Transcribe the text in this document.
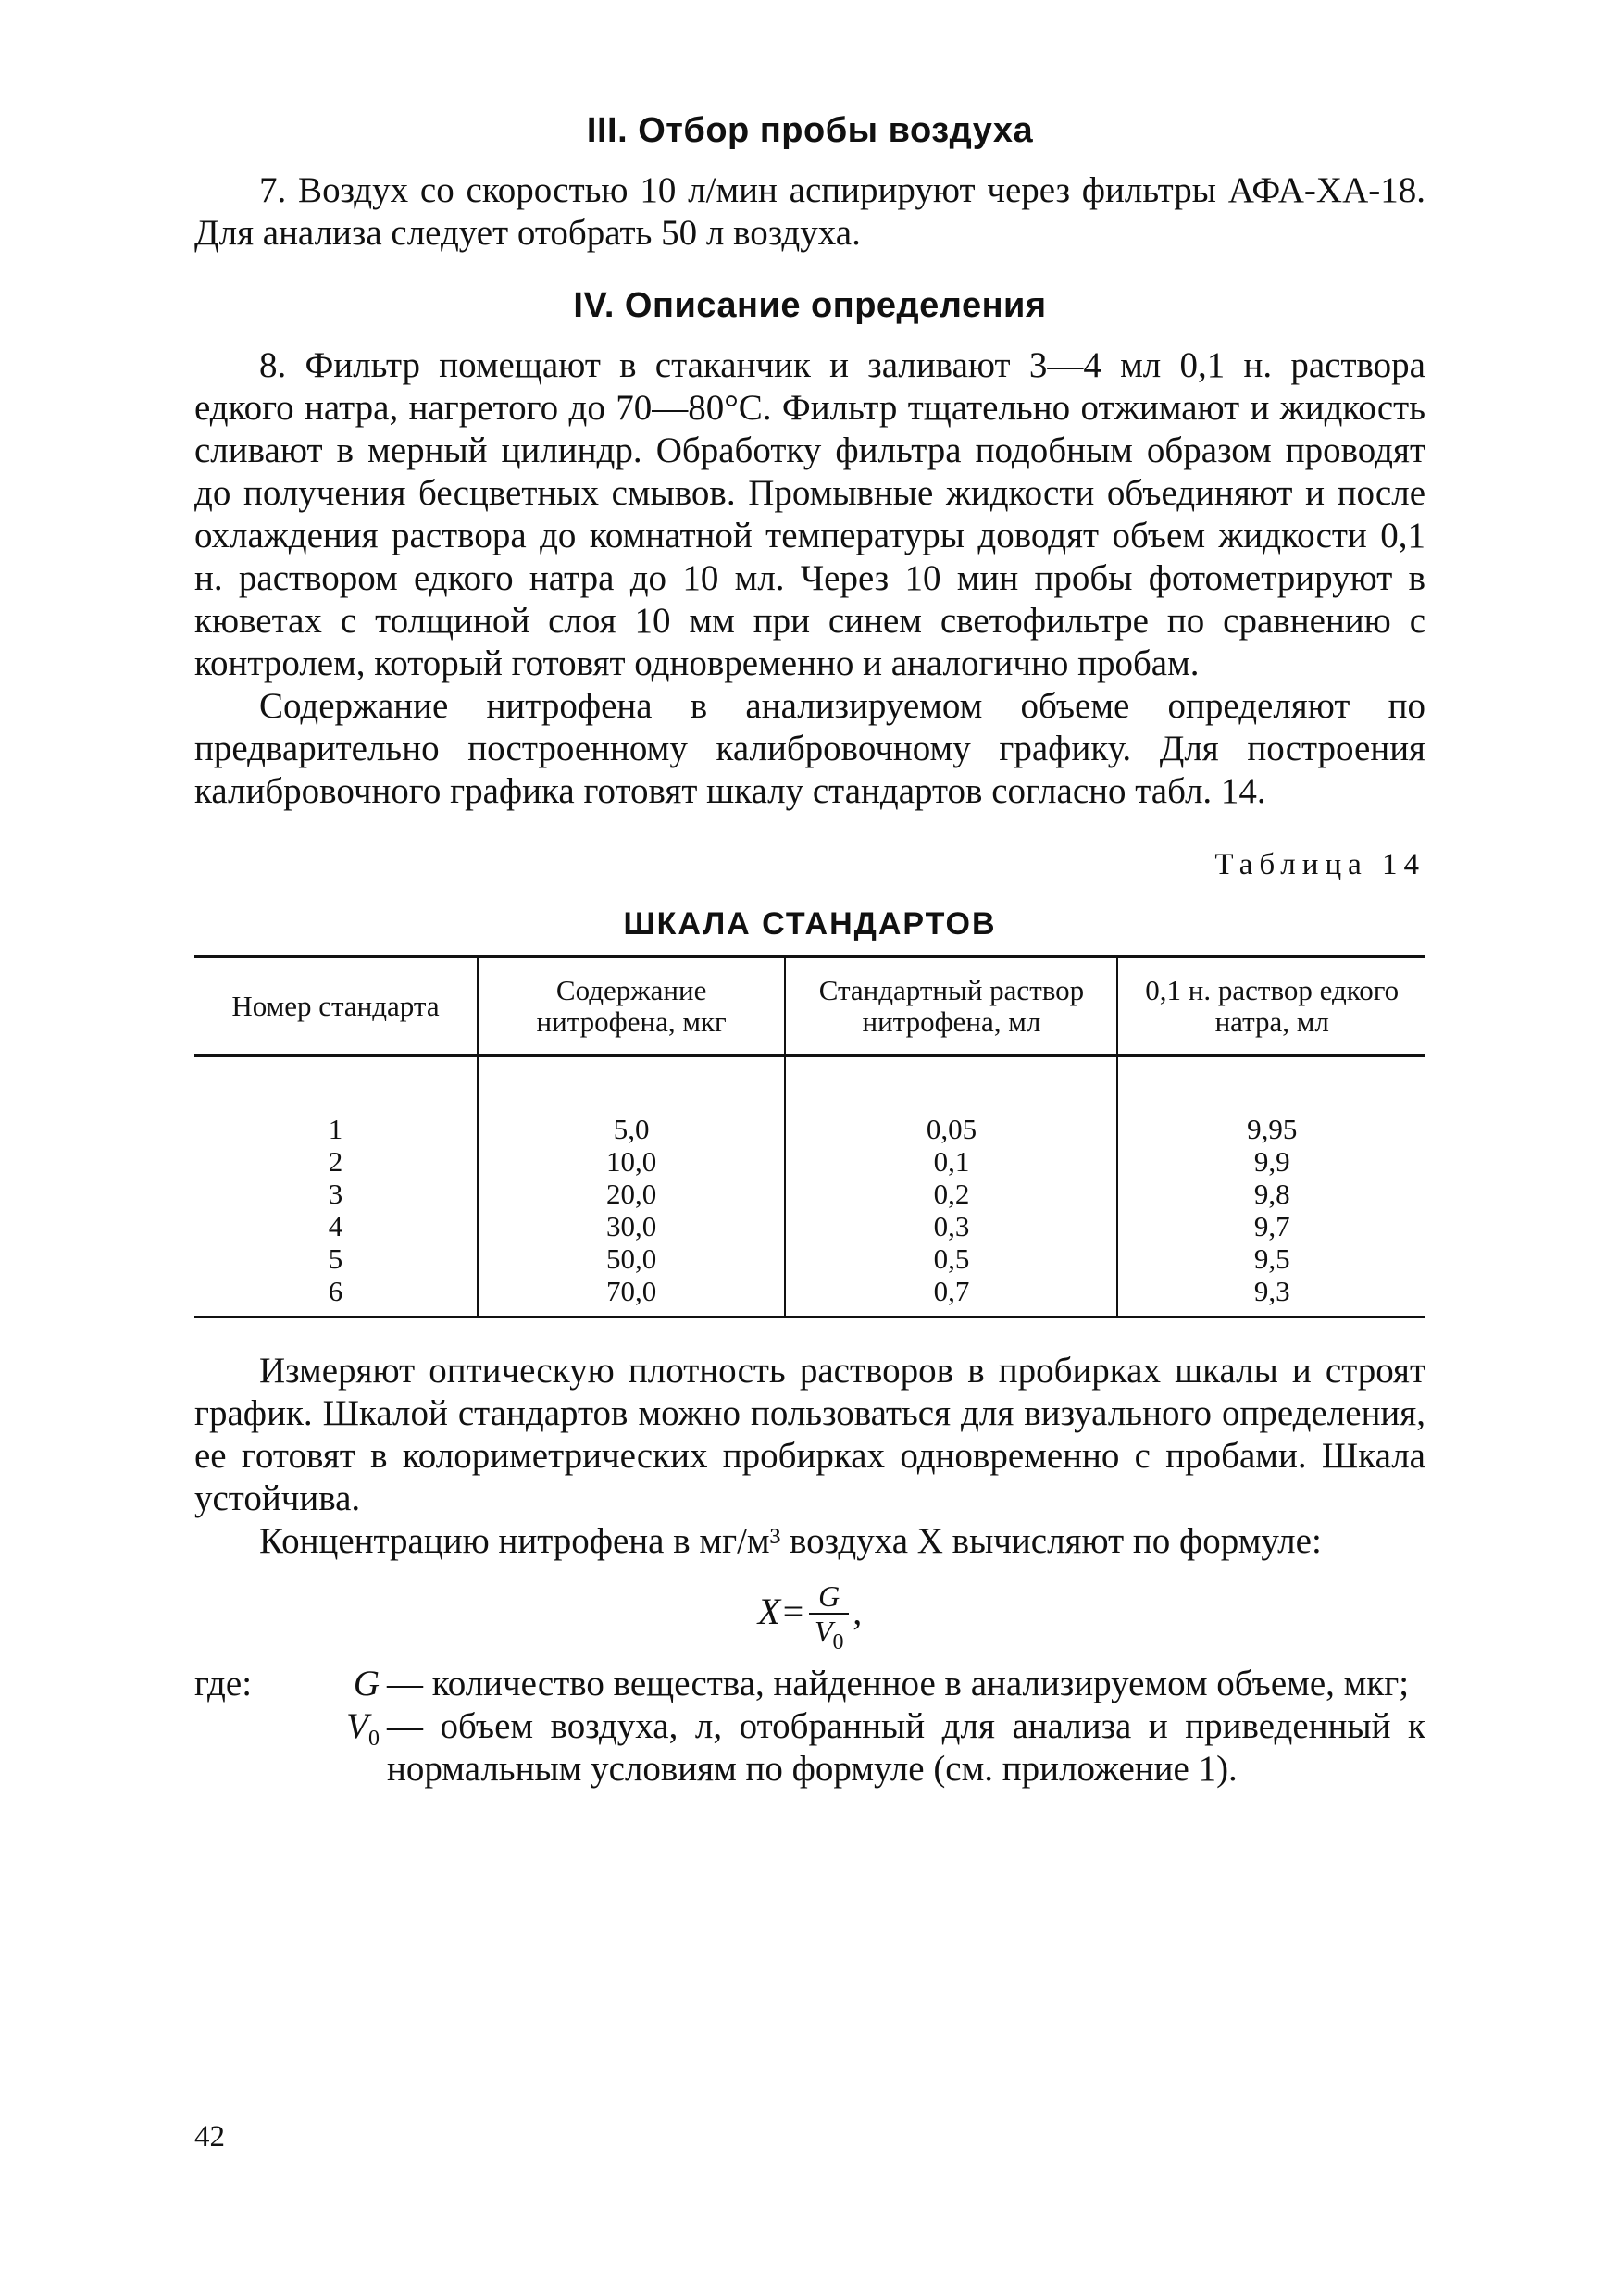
III. Отбор пробы воздуха

7. Воздух со скоростью 10 л/мин аспирируют через фильтры АФА-ХА-18. Для анализа следует отобрать 50 л воздуха.

IV. Описание определения

8. Фильтр помещают в стаканчик и заливают 3—4 мл 0,1 н. раствора едкого натра, нагретого до 70—80°С. Фильтр тщательно отжимают и жидкость сливают в мерный цилиндр. Обработку фильтра подобным образом проводят до получения бесцветных смывов. Промывные жидкости объединяют и после охлаждения раствора до комнатной температуры доводят объем жидкости 0,1 н. раствором едкого натра до 10 мл. Через 10 мин пробы фотометрируют в кюветах с толщиной слоя 10 мм при синем светофильтре по сравнению с контролем, который готовят одновременно и аналогично пробам.

Содержание нитрофена в анализируемом объеме определяют по предварительно построенному калибровочному графику. Для построения калибровочного графика готовят шкалу стандартов согласно табл. 14.

Таблица 14
ШКАЛА СТАНДАРТОВ
Номер стандарта	Содержание нитрофена, мкг	Стандартный раствор нитрофена, мл	0,1 н. раствор едкого натра, мл

1	5,0	0,05	9,95
2	10,0	0,1	9,9
3	20,0	0,2	9,8
4	30,0	0,3	9,7
5	50,0	0,5	9,5
6	70,0	0,7	9,3

Измеряют оптическую плотность растворов в пробирках шкалы и строят график. Шкалой стандартов можно пользоваться для визуального определения, ее готовят в колориметрических пробирках одновременно с пробами. Шкала устойчива.

Концентрацию нитрофена в мг/м³ воздуха X вычисляют по формуле:

$X= \frac{G}{V_0}$ ,
где:	G — количество вещества, найденное в анализируемом объеме, мкг;
$V_0$ — объем воздуха, л, отобранный для анализа и приведенный к нормальным условиям по формуле (см. приложение 1).
42
